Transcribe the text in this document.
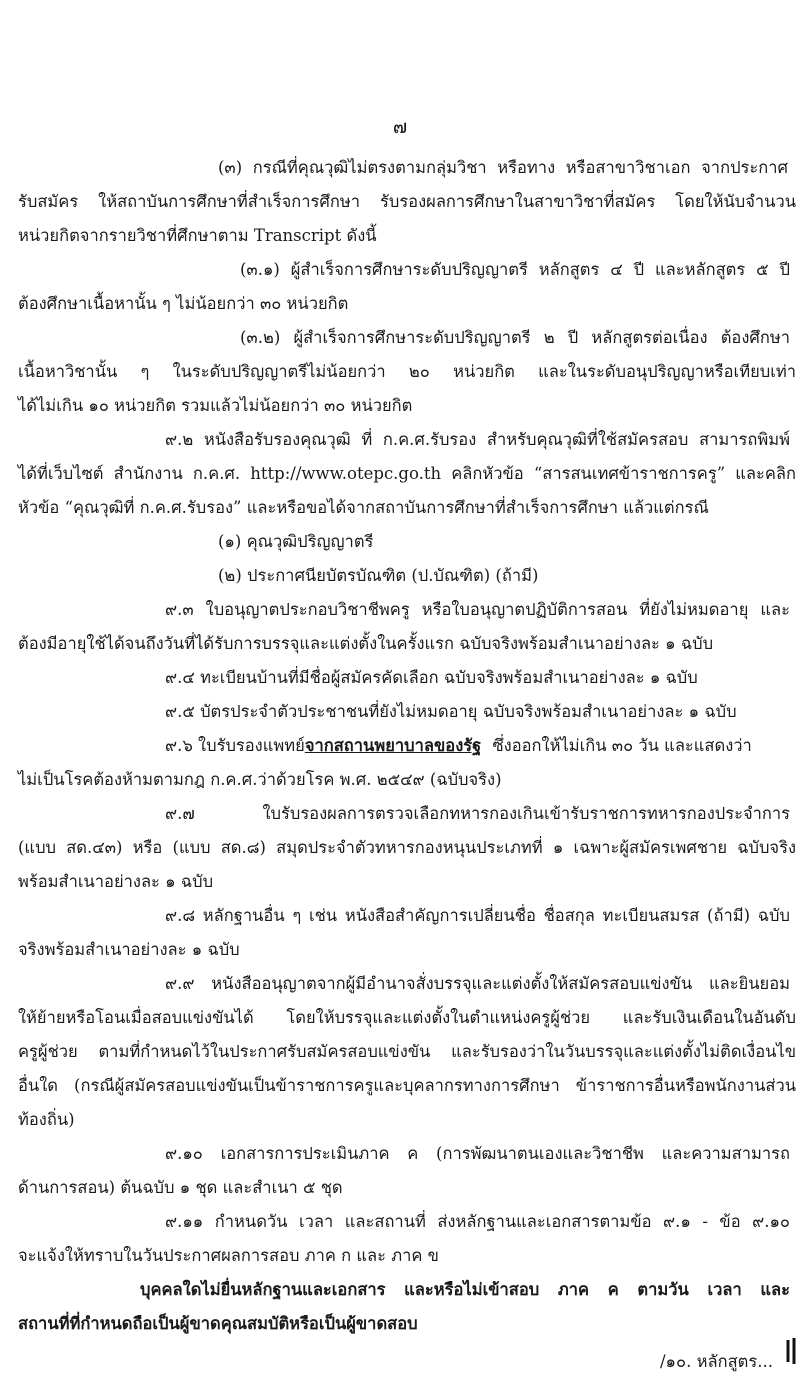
๗
(๓) กรณีที่คุณวุฒิไม่ตรงตามกลุ่มวิชา หรือทาง หรือสาขาวิชาเอก จากประกาศ
รับสมัคร ให้สถาบันการศึกษาที่สำเร็จการศึกษา รับรองผลการศึกษาในสาขาวิชาที่สมัคร โดยให้นับจำนวน
หน่วยกิตจากรายวิชาที่ศึกษาตาม Transcript ดังนี้
(๓.๑) ผู้สำเร็จการศึกษาระดับปริญญาตรี หลักสูตร ๔ ปี และหลักสูตร ๕ ปี
ต้องศึกษาเนื้อหานั้น ๆ ไม่น้อยกว่า ๓๐ หน่วยกิต
(๓.๒) ผู้สำเร็จการศึกษาระดับปริญญาตรี ๒ ปี หลักสูตรต่อเนื่อง ต้องศึกษา
เนื้อหาวิชานั้น ๆ ในระดับปริญญาตรีไม่น้อยกว่า ๒๐ หน่วยกิต และในระดับอนุปริญญาหรือเทียบเท่า
ได้ไม่เกิน ๑๐ หน่วยกิต รวมแล้วไม่น้อยกว่า ๓๐ หน่วยกิต
๙.๒ หนังสือรับรองคุณวุฒิ ที่ ก.ค.ศ.รับรอง สำหรับคุณวุฒิที่ใช้สมัครสอบ สามารถพิมพ์
ได้ที่เว็บไซต์ สำนักงาน ก.ค.ศ. http://www.otepc.go.th คลิกหัวข้อ “สารสนเทศข้าราชการครู” และคลิก
หัวข้อ “คุณวุฒิที่ ก.ค.ศ.รับรอง” และหรือขอได้จากสถาบันการศึกษาที่สำเร็จการศึกษา แล้วแต่กรณี
(๑) คุณวุฒิปริญญาตรี
(๒) ประกาศนียบัตรบัณฑิต (ป.บัณฑิต) (ถ้ามี)
๙.๓ ใบอนุญาตประกอบวิชาชีพครู หรือใบอนุญาตปฏิบัติการสอน ที่ยังไม่หมดอายุ และ
ต้องมีอายุใช้ได้จนถึงวันที่ได้รับการบรรจุและแต่งตั้งในครั้งแรก ฉบับจริงพร้อมสำเนาอย่างละ ๑ ฉบับ
๙.๔ ทะเบียนบ้านที่มีชื่อผู้สมัครคัดเลือก ฉบับจริงพร้อมสำเนาอย่างละ ๑ ฉบับ
๙.๕ บัตรประจำตัวประชาชนที่ยังไม่หมดอายุ ฉบับจริงพร้อมสำเนาอย่างละ ๑ ฉบับ
๙.๖ ใบรับรองแพทย์จากสถานพยาบาลของรัฐ ซึ่งออกให้ไม่เกิน ๓๐ วัน และแสดงว่า
ไม่เป็นโรคต้องห้ามตามกฎ ก.ค.ศ.ว่าด้วยโรค พ.ศ. ๒๕๔๙ (ฉบับจริง)
๙.๗ ใบรับรองผลการตรวจเลือกทหารกองเกินเข้ารับราชการทหารกองประจำการ
(แบบ สด.๔๓) หรือ (แบบ สด.๘) สมุดประจำตัวทหารกองหนุนประเภทที่ ๑ เฉพาะผู้สมัครเพศชาย ฉบับจริง
พร้อมสำเนาอย่างละ ๑ ฉบับ
๙.๘ หลักฐานอื่น ๆ เช่น หนังสือสำคัญการเปลี่ยนชื่อ ชื่อสกุล ทะเบียนสมรส (ถ้ามี) ฉบับ
จริงพร้อมสำเนาอย่างละ ๑ ฉบับ
๙.๙ หนังสืออนุญาตจากผู้มีอำนาจสั่งบรรจุและแต่งตั้งให้สมัครสอบแข่งขัน และยินยอม
ให้ย้ายหรือโอนเมื่อสอบแข่งขันได้ โดยให้บรรจุและแต่งตั้งในตำแหน่งครูผู้ช่วย และรับเงินเดือนในอันดับ
ครูผู้ช่วย ตามที่กำหนดไว้ในประกาศรับสมัครสอบแข่งขัน และรับรองว่าในวันบรรจุและแต่งตั้งไม่ติดเงื่อนไข
อื่นใด (กรณีผู้สมัครสอบแข่งขันเป็นข้าราชการครูและบุคลากรทางการศึกษา ข้าราชการอื่นหรือพนักงานส่วน
ท้องถิ่น)
๙.๑๐ เอกสารการประเมินภาค ค (การพัฒนาตนเองและวิชาชีพ และความสามารถ
ด้านการสอน) ต้นฉบับ ๑ ชุด และสำเนา ๕ ชุด
๙.๑๑ กำหนดวัน เวลา และสถานที่ ส่งหลักฐานและเอกสารตามข้อ ๙.๑ - ข้อ ๙.๑๐
จะแจ้งให้ทราบในวันประกาศผลการสอบ ภาค ก และ ภาค ข
บุคคลใดไม่ยื่นหลักฐานและเอกสาร และหรือไม่เข้าสอบ ภาค ค ตามวัน เวลา และ
สถานที่ที่กำหนดถือเป็นผู้ขาดคุณสมบัติหรือเป็นผู้ขาดสอบ
/๑๐. หลักสูตร...
